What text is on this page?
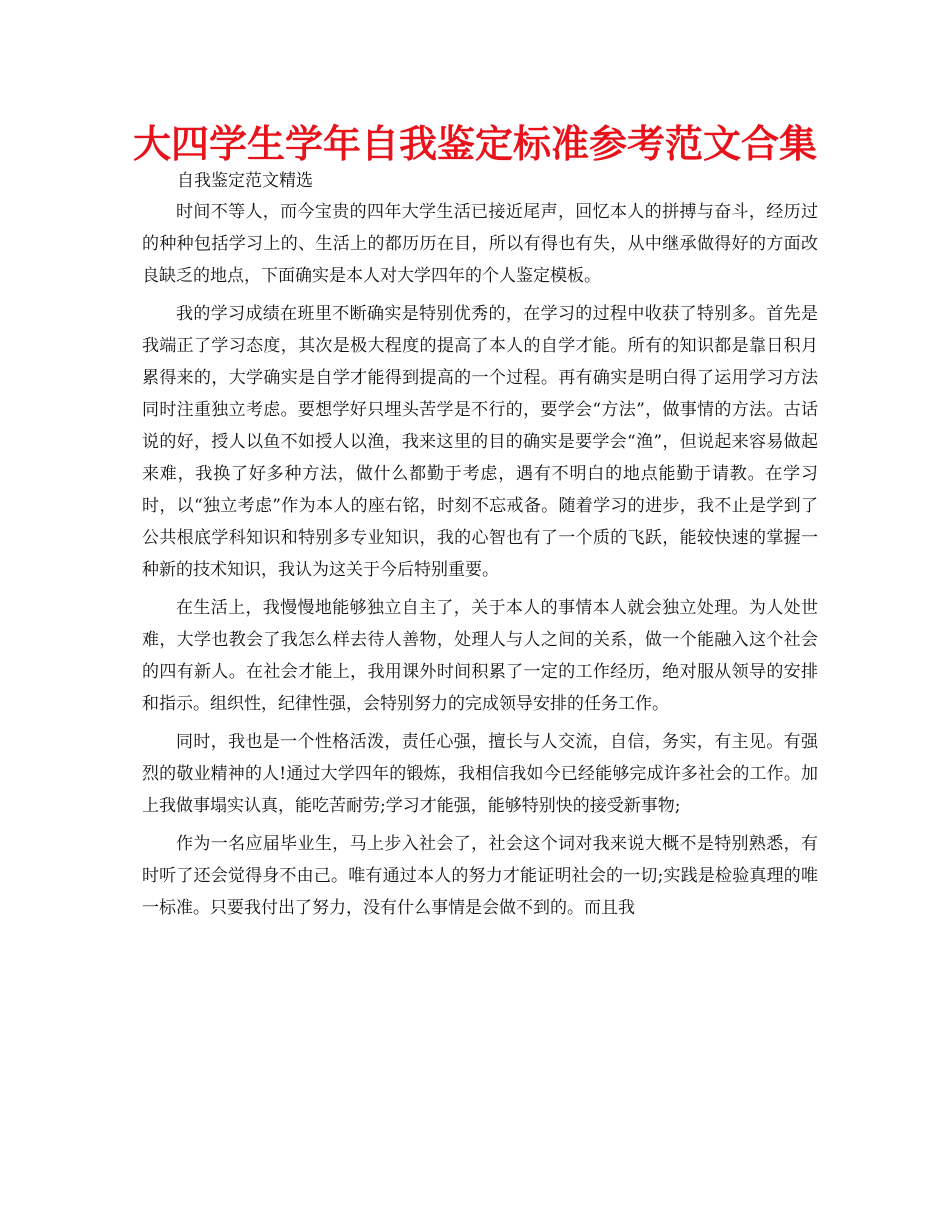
大四学生学年自我鉴定标准参考范文合集
自我鉴定范文精选

时间不等人，而今宝贵的四年大学生活已接近尾声，回忆本人的拼搏与奋斗，经历过的种种包括学习上的、生活上的都历历在目，所以有得也有失，从中继承做得好的方面改良缺乏的地点，下面确实是本人对大学四年的个人鉴定模板。

我的学习成绩在班里不断确实是特别优秀的，在学习的过程中收获了特别多。首先是我端正了学习态度，其次是极大程度的提高了本人的自学才能。所有的知识都是靠日积月累得来的，大学确实是自学才能得到提高的一个过程。再有确实是明白得了运用学习方法同时注重独立考虑。要想学好只埋头苦学是不行的，要学会“方法”，做事情的方法。古话说的好，授人以鱼不如授人以渔，我来这里的目的确实是要学会“渔”，但说起来容易做起来难，我换了好多种方法，做什么都勤于考虑，遇有不明白的地点能勤于请教。在学习时，以“独立考虑”作为本人的座右铭，时刻不忘戒备。随着学习的进步，我不止是学到了公共根底学科知识和特别多专业知识，我的心智也有了一个质的飞跃，能较快速的掌握一种新的技术知识，我认为这关于今后特别重要。

在生活上，我慢慢地能够独立自主了，关于本人的事情本人就会独立处理。为人处世难，大学也教会了我怎么样去待人善物，处理人与人之间的关系，做一个能融入这个社会的四有新人。在社会才能上，我用课外时间积累了一定的工作经历，绝对服从领导的安排和指示。组织性，纪律性强，会特别努力的完成领导安排的任务工作。

同时，我也是一个性格活泼，责任心强，擅长与人交流，自信，务实，有主见。有强烈的敬业精神的人!通过大学四年的锻炼，我相信我如今已经能够完成许多社会的工作。加上我做事塌实认真，能吃苦耐劳;学习才能强，能够特别快的接受新事物;

作为一名应届毕业生，马上步入社会了，社会这个词对我来说大概不是特别熟悉，有时听了还会觉得身不由己。唯有通过本人的努力才能证明社会的一切;实践是检验真理的唯一标准。只要我付出了努力，没有什么事情是会做不到的。而且我
